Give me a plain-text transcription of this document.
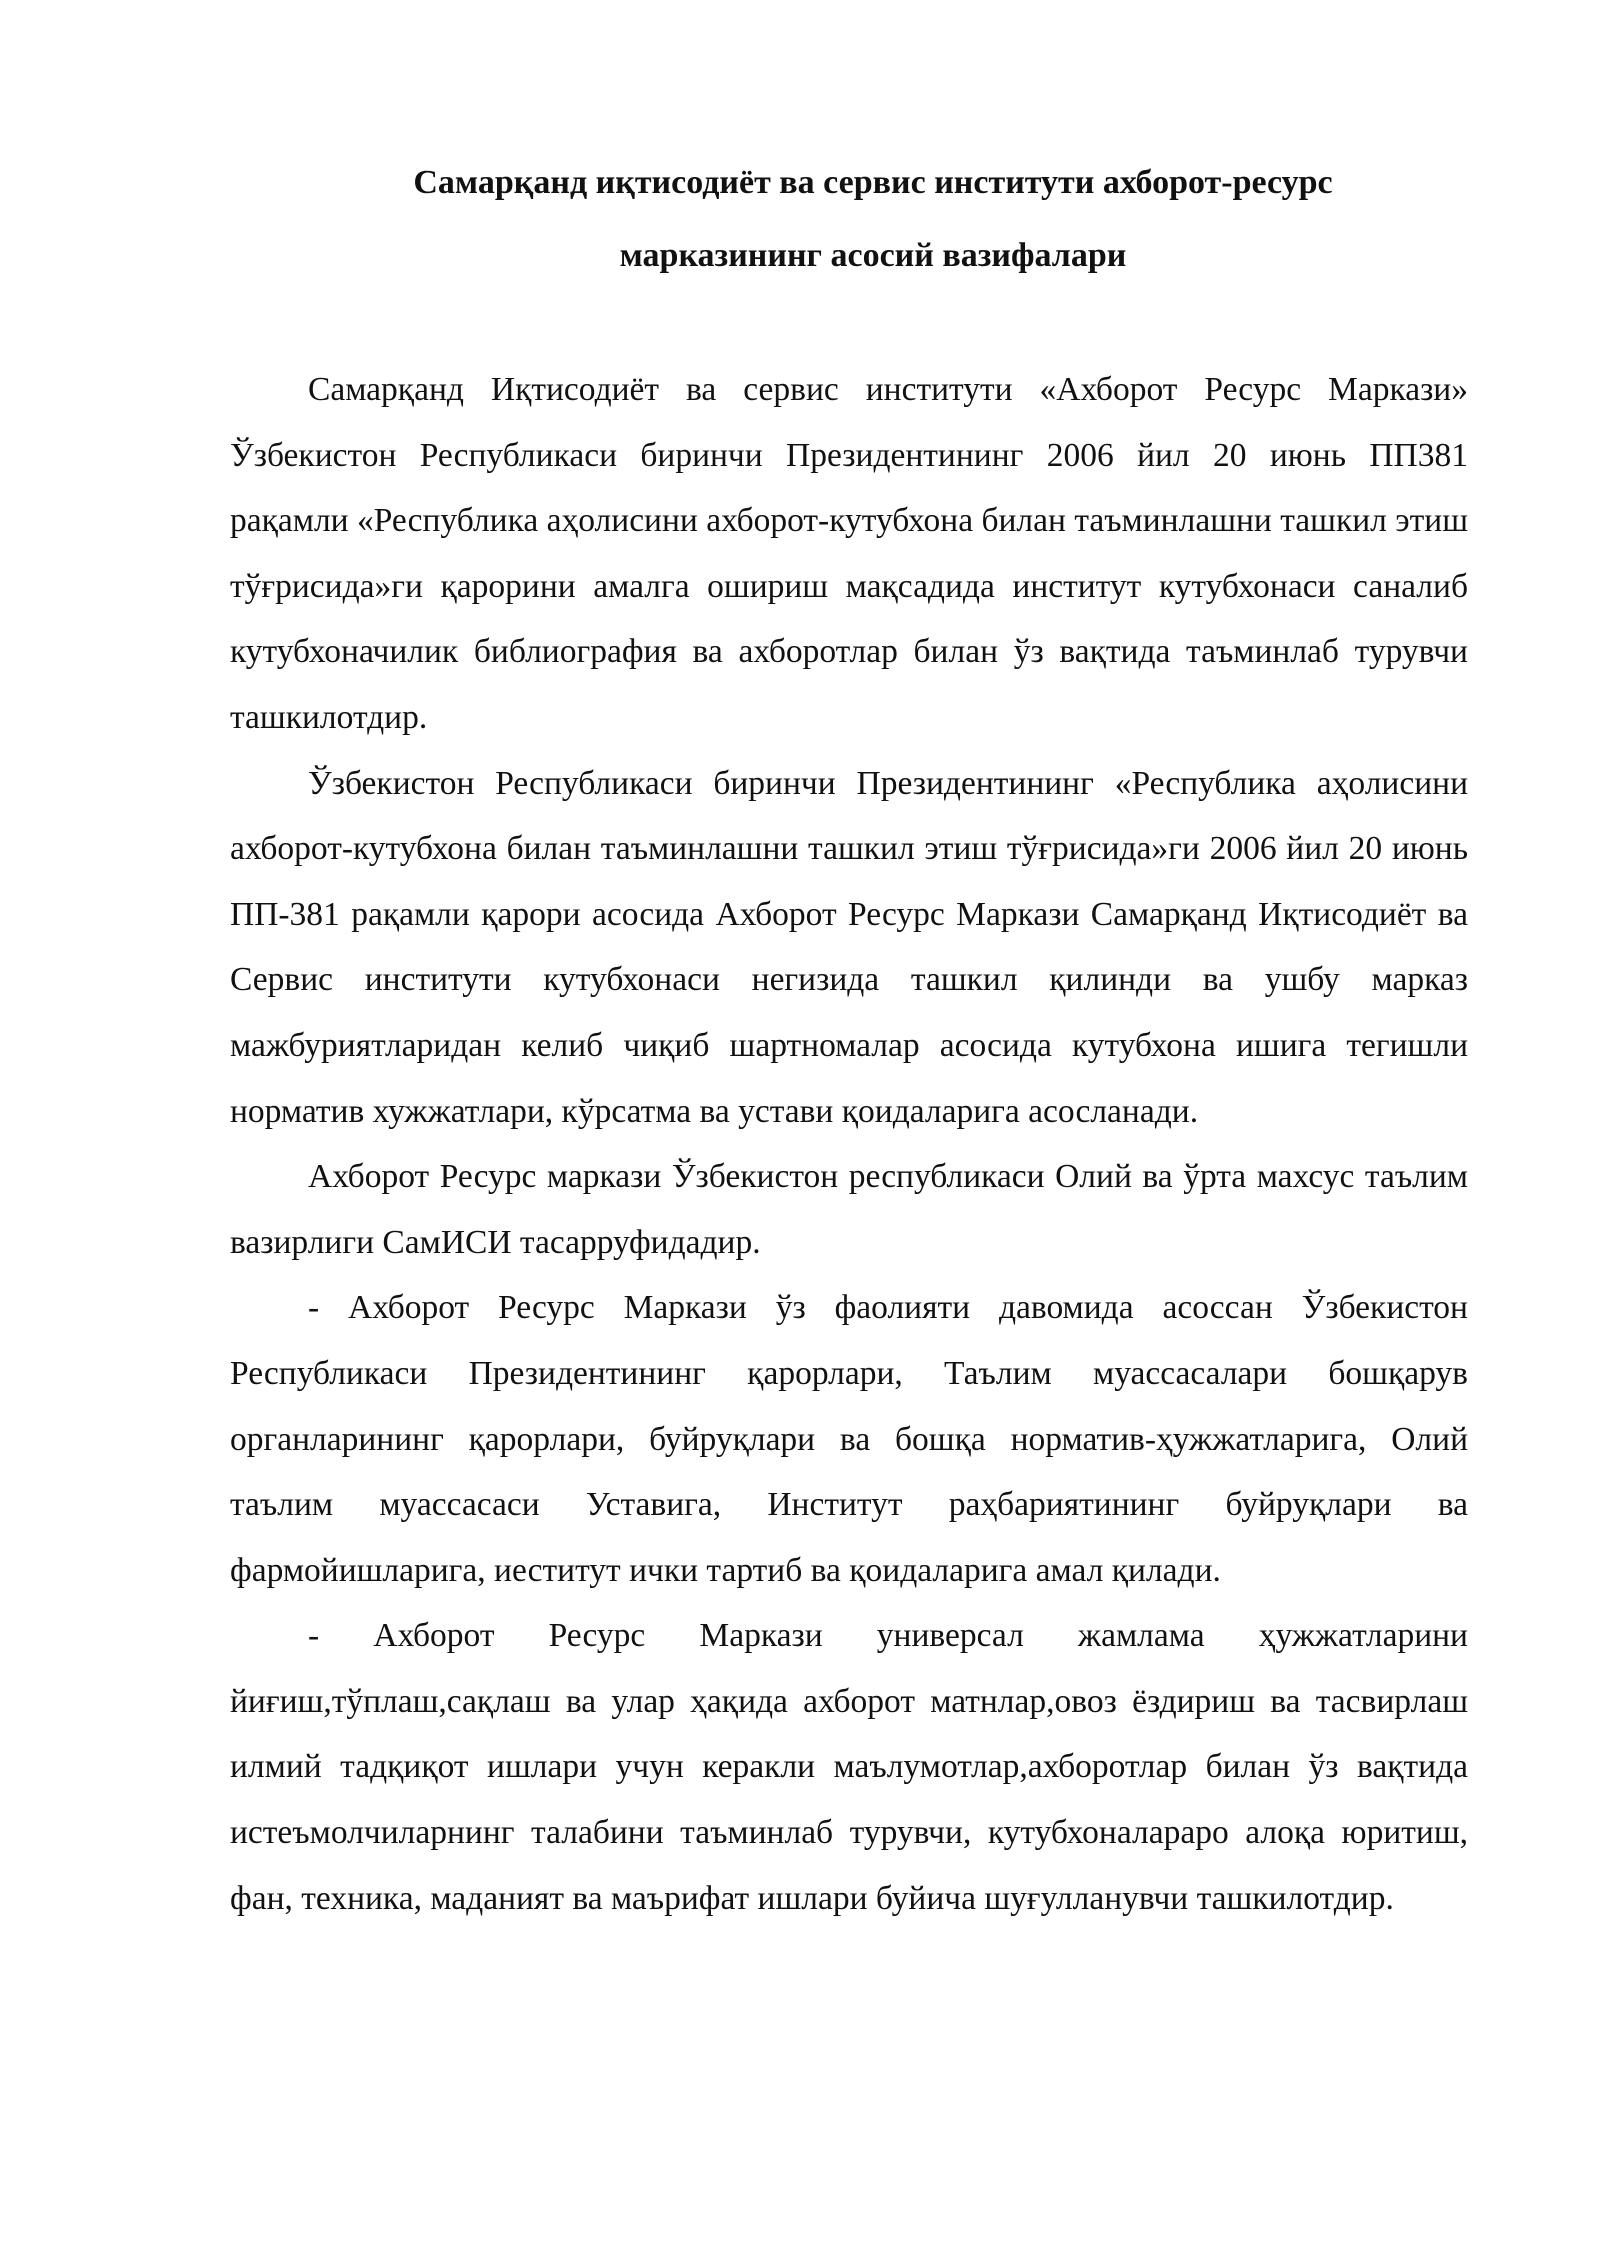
Самарқанд иқтисодиёт ва сервис институти ахборот-ресурс
марказининг асосий вазифалари

Самарқанд Иқтисодиёт ва сервис институти «Ахборот Ресурс Маркази» Ўзбекистон Республикаси биринчи Президентининг 2006 йил 20 июнь ПП381 рақамли «Республика аҳолисини ахборот-кутубхона билан таъминлашни ташкил этиш тўғрисида»ги қарорини амалга ошириш мақсадида институт кутубхонаси саналиб кутубхоначилик библиография ва ахборотлар билан ўз вақтида таъминлаб турувчи ташкилотдир.

Ўзбекистон Республикаси биринчи Президентининг «Республика аҳолисини ахборот-кутубхона билан таъминлашни ташкил этиш тўғрисида»ги 2006 йил 20 июнь ПП-381 рақамли қарори асосида Ахборот Ресурс Маркази Самарқанд Иқтисодиёт ва Сервис институти кутубхонаси негизида ташкил қилинди ва ушбу марказ мажбуриятларидан келиб чиқиб шартномалар асосида кутубхона ишига тегишли норматив хужжатлари, кўрсатма ва устави қоидаларига асосланади.

Ахборот Ресурс маркази Ўзбекистон республикаси Олий ва ўрта махсус таълим вазирлиги СамИСИ тасарруфидадир.

- Ахборот Ресурс Маркази ўз фаолияти давомида асоссан Ўзбекистон Республикаси Президентининг қарорлари, Таълим муассасалари бошқарув органларининг қарорлари, буйруқлари ва бошқа норматив-ҳужжатларига, Олий таълим муассасаси Уставига, Институт раҳбариятининг буйруқлари ва фармойишларига, иеститут ички тартиб ва қоидаларига амал қилади.

- Ахборот Ресурс Маркази универсал жамлама ҳужжатларини йиғиш,тўплаш,сақлаш ва улар ҳақида ахборот матнлар,овоз ёздириш ва тасвирлаш илмий тадқиқот ишлари учун керакли маълумотлар,ахборотлар билан ўз вақтида истеъмолчиларнинг талабини таъминлаб турувчи, кутубхоналараро алоқа юритиш, фан, техника, маданият ва маърифат ишлари буйича шуғулланувчи ташкилотдир.
